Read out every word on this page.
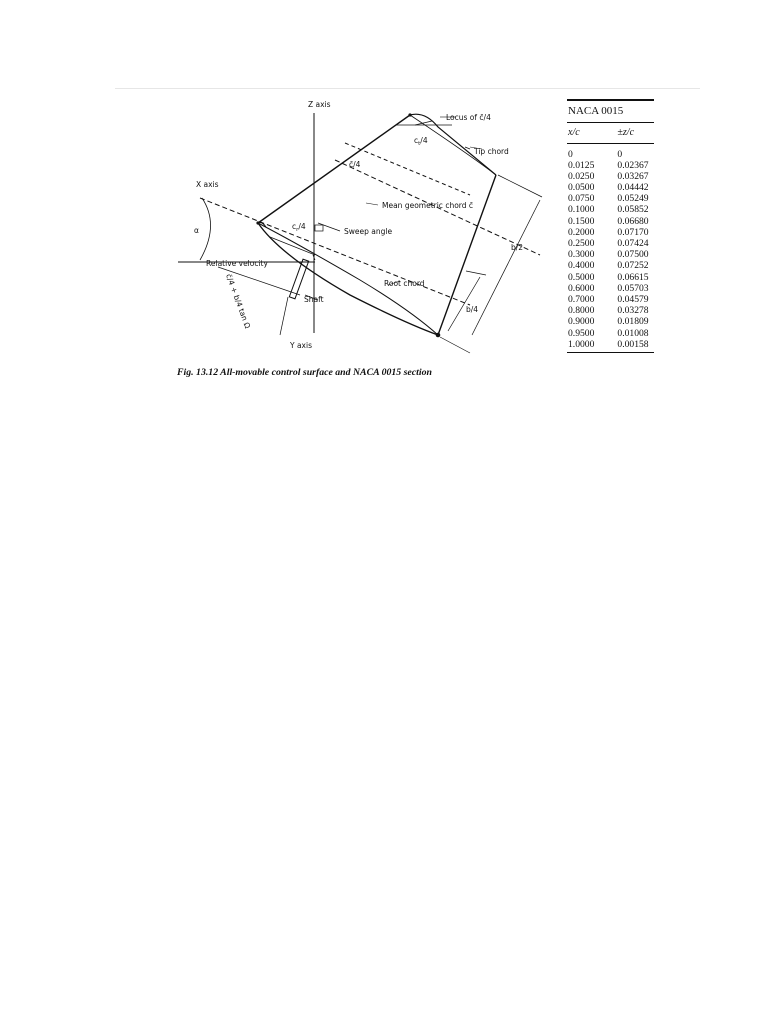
Z axis
X axis
Y axis
Locus of c̄/4
$c_t/4$
Tip chord
c̄/4
Mean geometric chord c̄
$c_r/4$
Sweep angle
α
Relative velocity
Shaft
Root chord
b/2
b/4
c̄/4 + b/4 tan Ω
Fig. 13.12 All-movable control surface and NACA 0015 section
NACA 0015
x/c	±z/c
0	0
0.0125	0.02367
0.0250	0.03267
0.0500	0.04442
0.0750	0.05249
0.1000	0.05852
0.1500	0.06680
0.2000	0.07170
0.2500	0.07424
0.3000	0.07500
0.4000	0.07252
0.5000	0.06615
0.6000	0.05703
0.7000	0.04579
0.8000	0.03278
0.9000	0.01809
0.9500	0.01008
1.0000	0.00158
